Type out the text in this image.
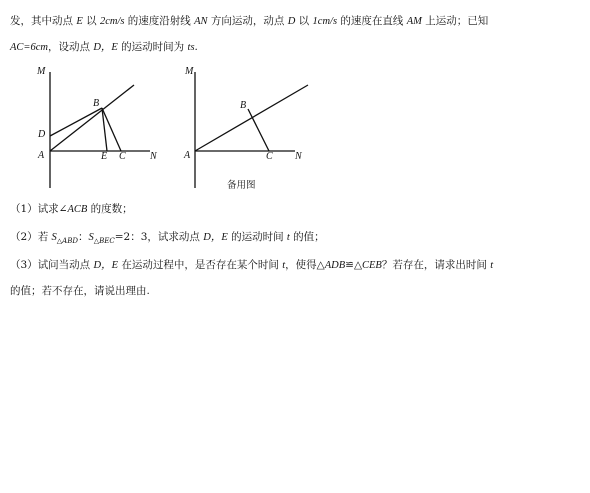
发，其中动点 E 以 2cm/s 的速度沿射线 AN 方向运动，动点 D 以 1cm/s 的速度在直线 AM 上运动；已知
AC=6cm，设动点 D，E 的运动时间为 ts.
M
B
D
A	E C N
M
B
A	C N
备用图
（1）试求∠ACB 的度数；
（2）若 $S_{\triangle ABD}$：$S_{\triangle BEC}=2$：3，试求动点 D，E 的运动时间 t 的值；
（3）试问当动点 D，E 在运动过程中，是否存在某个时间 t，使得△ADB≌△CEB？若存在，请求出时间 t
的值；若不存在，请说出理由.
